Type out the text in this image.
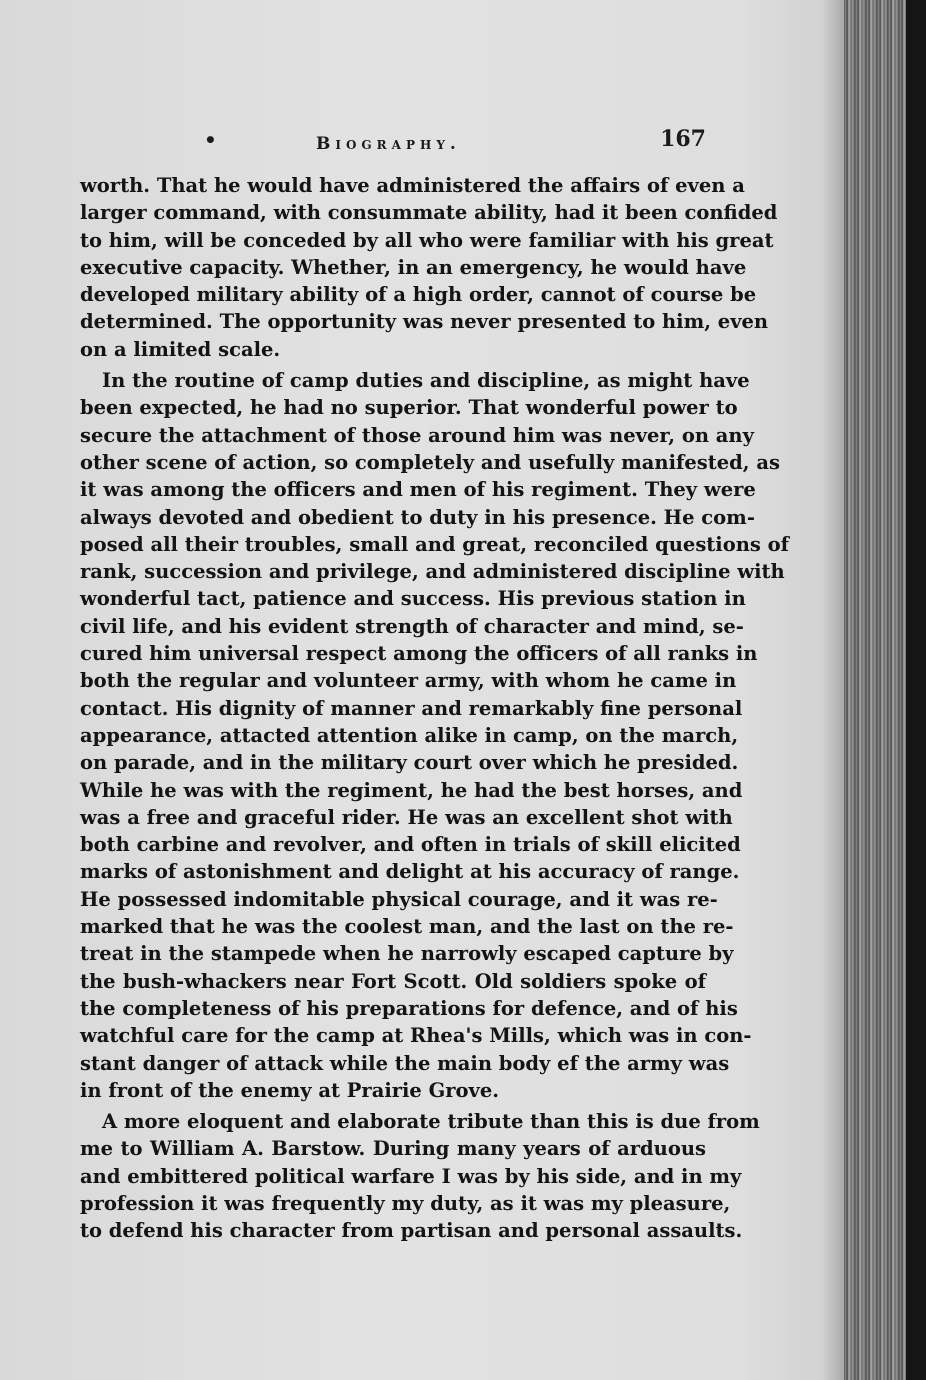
•	Biography.	167
worth. That he would have administered the affairs of even a
larger command, with consummate ability, had it been confided
to him, will be conceded by all who were familiar with his great
executive capacity. Whether, in an emergency, he would have
developed military ability of a high order, cannot of course be
determined. The opportunity was never presented to him, even
on a limited scale.
In the routine of camp duties and discipline, as might have
been expected, he had no superior. That wonderful power to
secure the attachment of those around him was never, on any
other scene of action, so completely and usefully manifested, as
it was among the officers and men of his regiment. They were
always devoted and obedient to duty in his presence. He com-
posed all their troubles, small and great, reconciled questions of
rank, succession and privilege, and administered discipline with
wonderful tact, patience and success. His previous station in
civil life, and his evident strength of character and mind, se-
cured him universal respect among the officers of all ranks in
both the regular and volunteer army, with whom he came in
contact. His dignity of manner and remarkably fine personal
appearance, attacted attention alike in camp, on the march,
on parade, and in the military court over which he presided.
While he was with the regiment, he had the best horses, and
was a free and graceful rider. He was an excellent shot with
both carbine and revolver, and often in trials of skill elicited
marks of astonishment and delight at his accuracy of range.
He possessed indomitable physical courage, and it was re-
marked that he was the coolest man, and the last on the re-
treat in the stampede when he narrowly escaped capture by
the bush-whackers near Fort Scott. Old soldiers spoke of
the completeness of his preparations for defence, and of his
watchful care for the camp at Rhea's Mills, which was in con-
stant danger of attack while the main body ef the army was
in front of the enemy at Prairie Grove.
A more eloquent and elaborate tribute than this is due from
me to William A. Barstow. During many years of arduous
and embittered political warfare I was by his side, and in my
profession it was frequently my duty, as it was my pleasure,
to defend his character from partisan and personal assaults.
